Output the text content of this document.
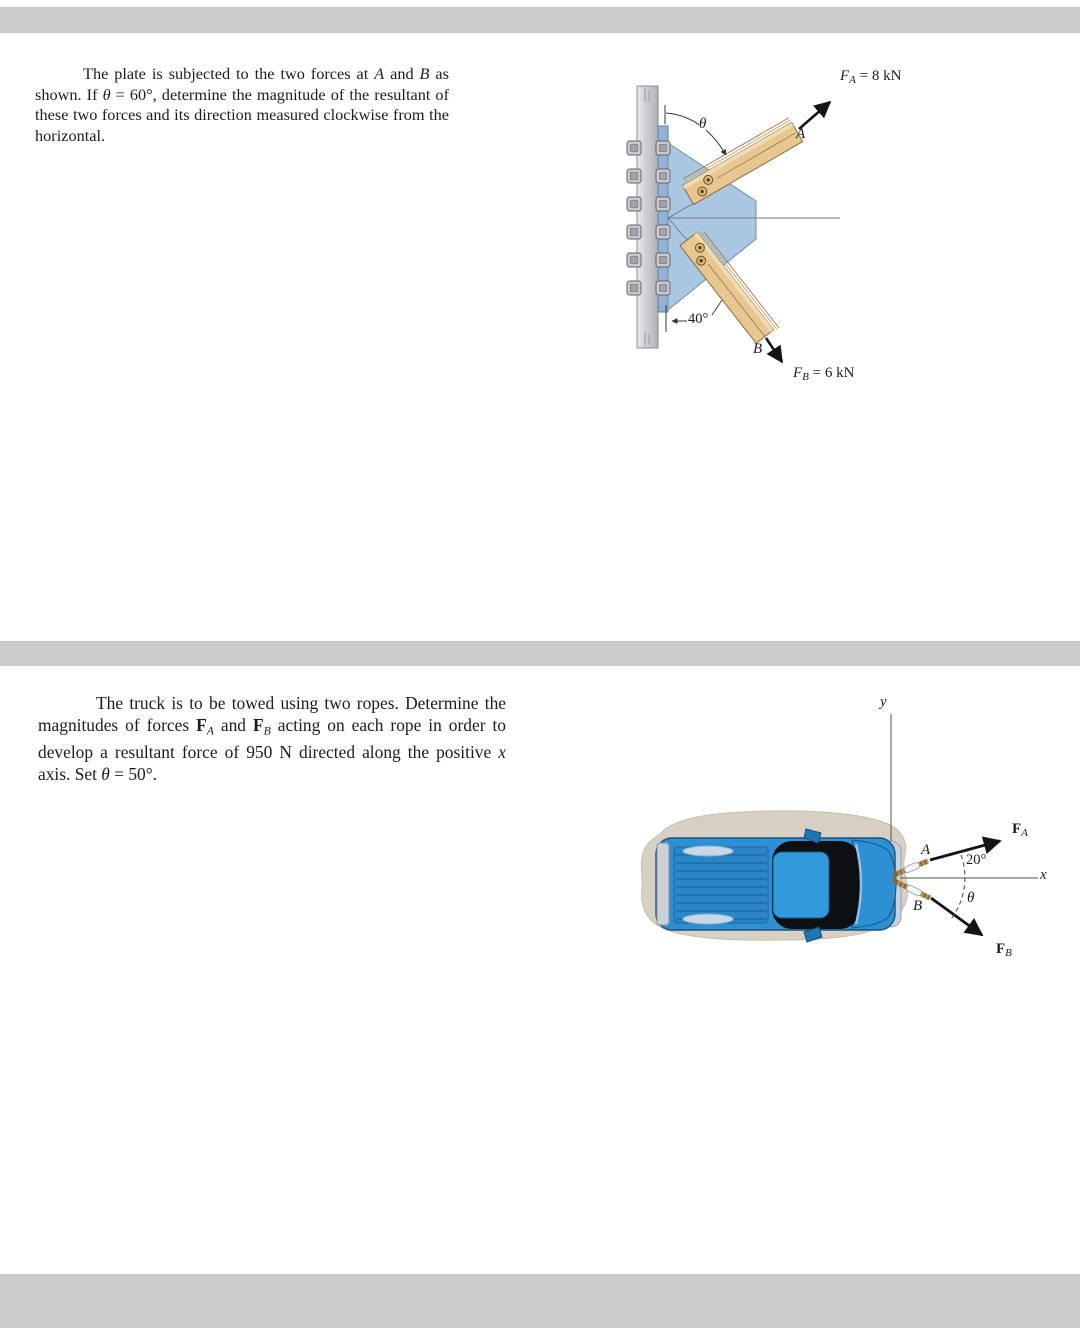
The plate is subjected to the two forces at A and B as shown. If θ = 60°, determine the magnitude of the resultant of these two forces and its direction measured clockwise from the horizontal.

$F_A = 8$ kN
A
θ
40°
B
$F_B = 6$ kN

The truck is to be towed using two ropes. Determine the magnitudes of forces $F_A$ and $F_B$ acting on each rope in order to develop a resultant force of 950 N directed along the positive x axis. Set θ = 50°.

y
x
A
B
20°
θ
$F_A$
$F_B$
